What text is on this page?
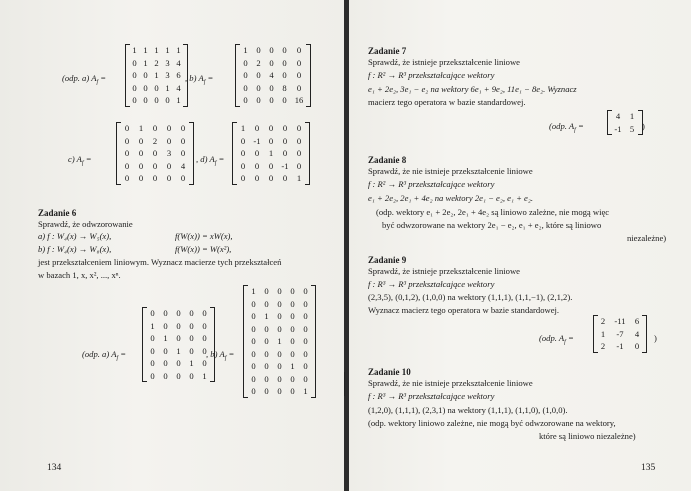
(odp. a) $A_f$ =
1 1 1 1 1
0 1 2 3 4
0 0 1 3 6
0 0 0 1 4
0 0 0 0 1
, b) $A_f$ =
1	0	0	0	0
0	2	0	0	0
0	0	4	0	0
0	0	0	8	0
0	0	0	0 16
c) $A_f$ =
0	1	0	0	0
0	0	2	0	0
0	0	0	3	0
0	0	0	0	4
0	0	0	0	0
, d) $A_f$ =
1	0	0	0	0
0 -1 0	0	0
0	0	1	0	0
0	0	0 -1 0
0	0	0	0	1
Zadanie 6
Sprawdź, że odwzorowanie
a) f : W₄(x) → W₅(x),	f(W(x)) = xW(x),
b) f : W₄(x) → W₈(x),	f(W(x)) = W(x²),
jest przekształceniem liniowym. Wyznacz macierze tych przekształceń
w bazach 1, x, x², ..., xⁿ.
(odp. a) $A_f$ =
0	0	0	0	0
1	0	0	0	0
0	1	0	0	0
0	0	1	0	0
0	0	0	1	0
0	0	0	0	1
, b) $A_f$ =
1	0	0	0	0
0	0	0	0	0
0	1	0	0	0
0	0	0	0	0
0	0	1	0	0
0	0	0	0	0
0	0	0	1	0
0	0	0	0	0
0	0	0	0	1
134
Zadanie 7
Sprawdź, że istnieje przekształcenie liniowe
f : R² → R³ przekształcające wektory
e₁ + 2e₂, 3e₁ − e₂ na wektory 6e₁ + 9e₂, 11e₁ − 8e₂. Wyznacz
macierz tego operatora w bazie standardowej.
(odp. $A_f$ =
4	1
-1 5 )
Zadanie 8
Sprawdź, że nie istnieje przekształcenie liniowe
f : R² → R³ przekształcające wektory
e₁ + 2e₂, 2e₁ + 4e₂ na wektory 2e₁ − e₂, e₁ + e₂.
(odp. wektory e₁ + 2e₂, 2e₁ + 4e₂ są liniowo zależne, nie mogą więc
być odwzorowane na wektory 2e₁ − e₂, e₁ + e₂, które są liniowo
niezależne)
Zadanie 9
Sprawdź, że istnieje przekształcenie liniowe
f : R³ → R³ przekształcające wektory
(2,3,5), (0,1,2), (1,0,0) na wektory (1,1,1), (1,1,−1), (2,1,2).
Wyznacz macierz tego operatora w bazie standardowej.
(odp. $A_f$ =
2	-11	6
1	-7	4
2	-1	0
)
Zadanie 10
Sprawdź, że nie istnieje przekształcenie liniowe
f : R³ → R³ przekształcające wektory
(1,2,0), (1,1,1), (2,3,1) na wektory (1,1,1), (1,1,0), (1,0,0).
(odp. wektory liniowo zależne, nie mogą być odwzorowane na wektory,
które są liniowo niezależne)
135
